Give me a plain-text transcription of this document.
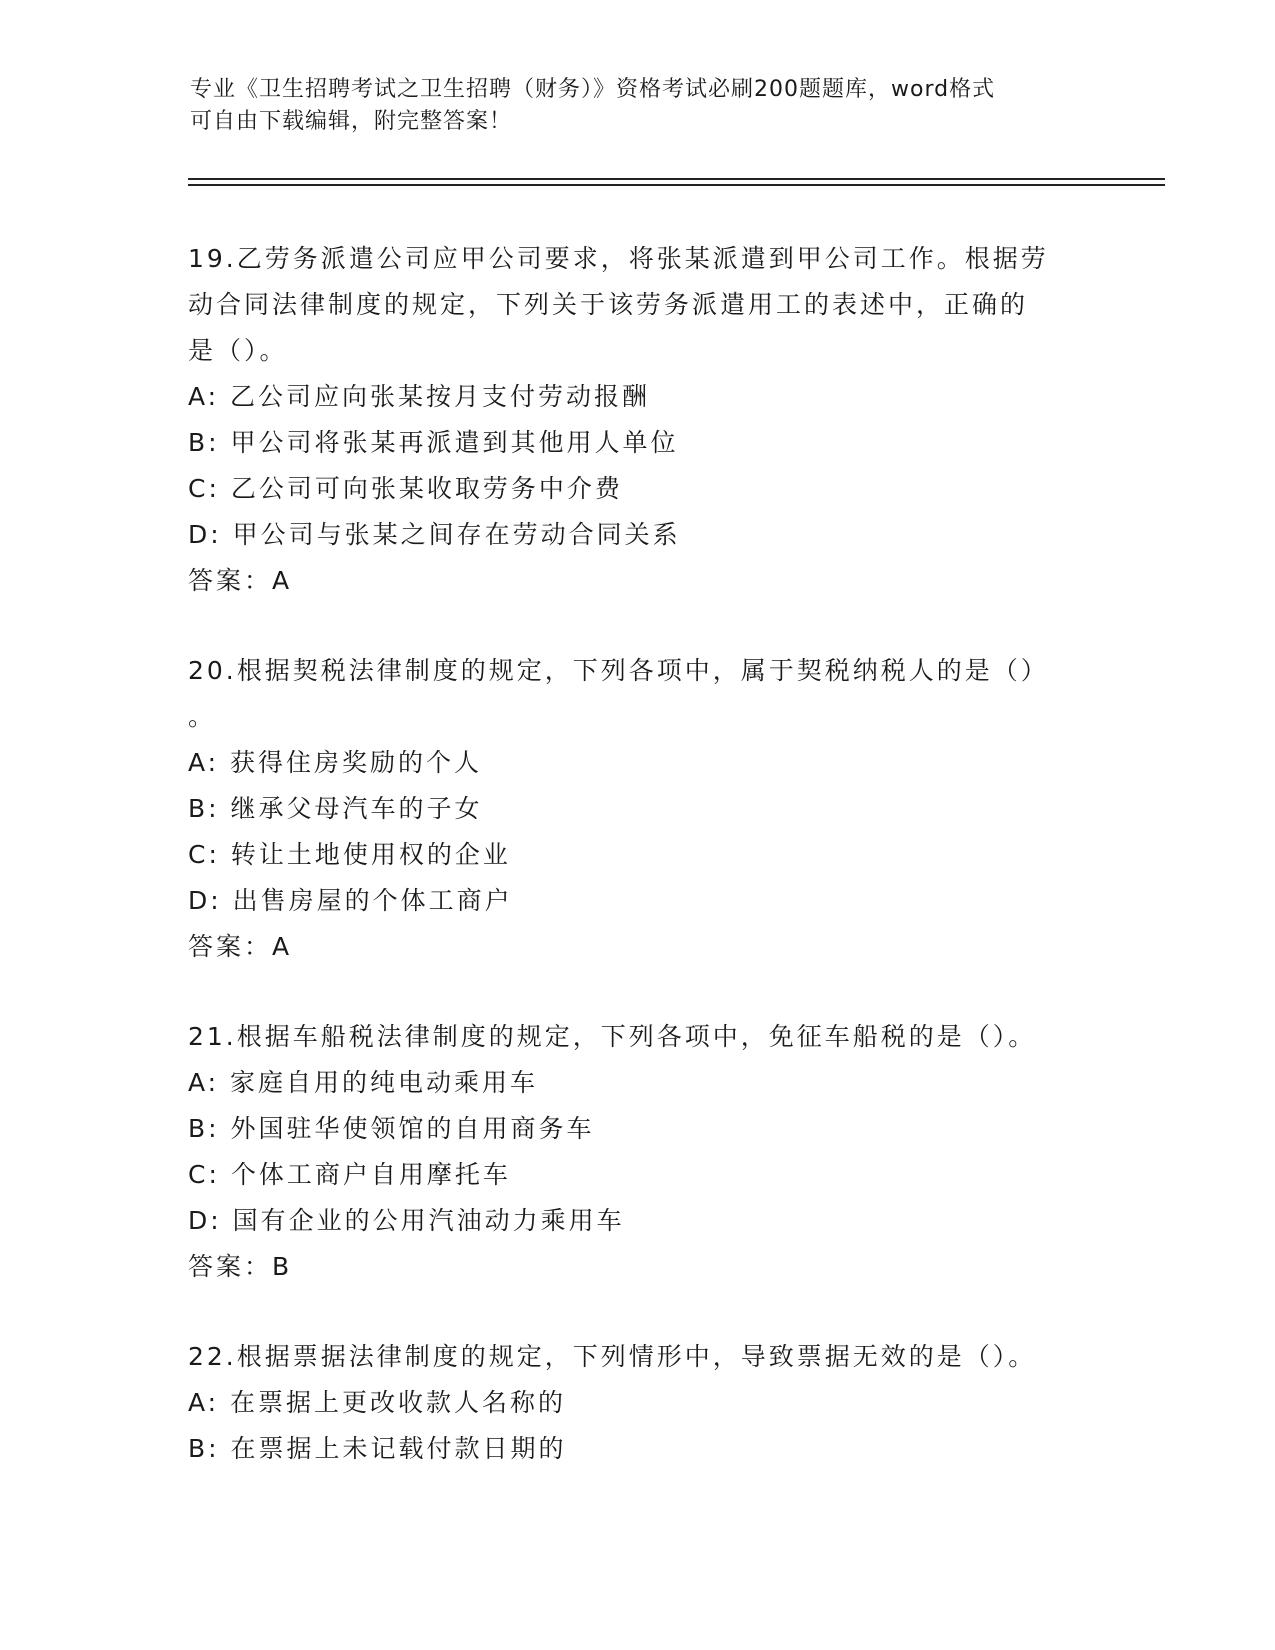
专业《卫生招聘考试之卫生招聘（财务）》资格考试必刷200题题库，word格式
可自由下载编辑，附完整答案！
19.乙劳务派遣公司应甲公司要求，将张某派遣到甲公司工作。根据劳
动合同法律制度的规定，下列关于该劳务派遣用工的表述中，正确的
是（）。
A: 乙公司应向张某按月支付劳动报酬
B: 甲公司将张某再派遣到其他用人单位
C: 乙公司可向张某收取劳务中介费
D: 甲公司与张某之间存在劳动合同关系
答案：A
20.根据契税法律制度的规定，下列各项中，属于契税纳税人的是（）
。
A: 获得住房奖励的个人
B: 继承父母汽车的子女
C: 转让土地使用权的企业
D: 出售房屋的个体工商户
答案：A
21.根据车船税法律制度的规定，下列各项中，免征车船税的是（）。
A: 家庭自用的纯电动乘用车
B: 外国驻华使领馆的自用商务车
C: 个体工商户自用摩托车
D: 国有企业的公用汽油动力乘用车
答案：B
22.根据票据法律制度的规定，下列情形中，导致票据无效的是（）。
A: 在票据上更改收款人名称的
B: 在票据上未记载付款日期的
